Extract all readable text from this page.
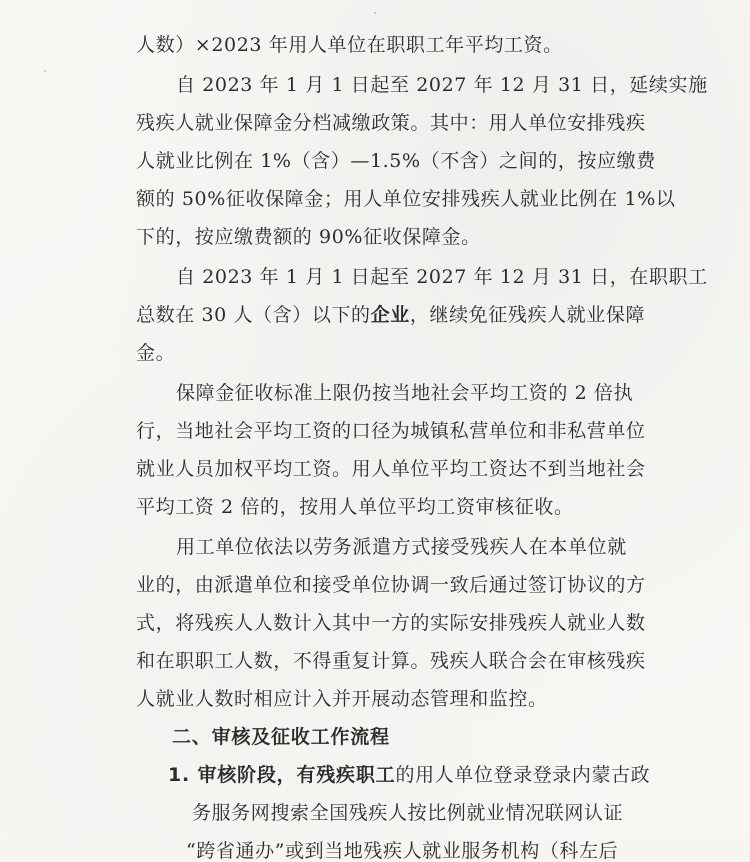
人数）×2023 年用人单位在职职工年平均工资。
自 2023 年 1 月 1 日起至 2027 年 12 月 31 日，延续实施
残疾人就业保障金分档减缴政策。其中：用人单位安排残疾
人就业比例在 1%（含）—1.5%（不含）之间的，按应缴费
额的 50%征收保障金；用人单位安排残疾人就业比例在 1%以
下的，按应缴费额的 90%征收保障金。
自 2023 年 1 月 1 日起至 2027 年 12 月 31 日，在职职工
总数在 30 人（含）以下的企业，继续免征残疾人就业保障
金。
保障金征收标准上限仍按当地社会平均工资的 2 倍执
行，当地社会平均工资的口径为城镇私营单位和非私营单位
就业人员加权平均工资。用人单位平均工资达不到当地社会
平均工资 2 倍的，按用人单位平均工资审核征收。
用工单位依法以劳务派遣方式接受残疾人在本单位就
业的，由派遣单位和接受单位协调一致后通过签订协议的方
式，将残疾人人数计入其中一方的实际安排残疾人就业人数
和在职职工人数，不得重复计算。残疾人联合会在审核残疾
人就业人数时相应计入并开展动态管理和监控。
二、审核及征收工作流程
1. 审核阶段，有残疾职工的用人单位登录登录内蒙古政
务服务网搜索全国残疾人按比例就业情况联网认证
“跨省通办”或到当地残疾人就业服务机构（科左后
